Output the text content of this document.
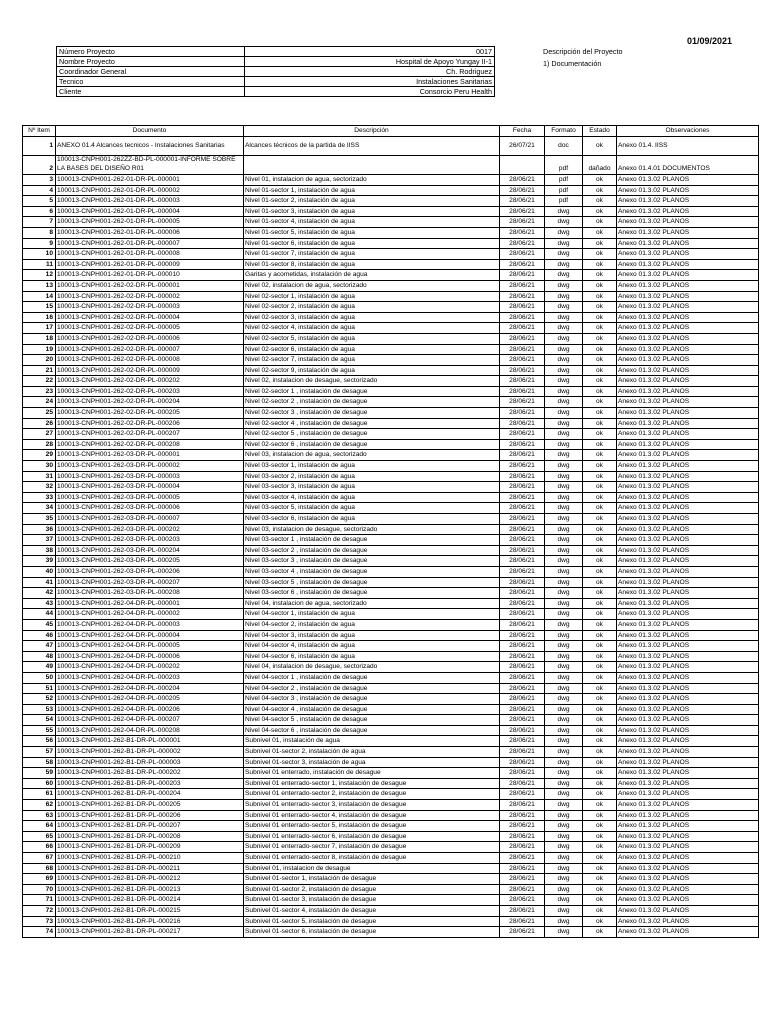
01/09/2021
Número Proyecto	0017
Nombre Proyecto	Hospital de Apoyo Yungay II-1
Coordinador General	Ch. Rodriguez
Tecnico	Instalaciones Sanitarias
Cliente	Consorcio Peru Health
Descripción del Proyecto
1) Documentación
Nº Item	Documento	Descripción	Fecha	Formato	Estado	Observaciones
1	ANEXO 01.4 Alcances tecnicos - Instalaciones Sanitarias	Alcances técnicos de la partida de IISS	26/07/21	doc	ok	Anexo 01.4. IISS
2	100013-CNPH001-262ZZ-BD-PL-000001-INFORME SOBRE LA BASES DEL DISEÑO R01			pdf	dañado	Anexo 01.4.01 DOCUMENTOS
3	100013-CNPH001-262-01-DR-PL-000001	Nivel 01, instalacion de agua, sectorizado	28/06/21	pdf	ok	Anexo 01.3.02 PLANOS
4	100013-CNPH001-262-01-DR-PL-000002	Nivel 01-sector 1, instalación de agua	28/06/21	pdf	ok	Anexo 01.3.02 PLANOS
5	100013-CNPH001-262-01-DR-PL-000003	Nivel 01-sector 2, instalación de agua	28/06/21	pdf	ok	Anexo 01.3.02 PLANOS
6	100013-CNPH001-262-01-DR-PL-000004	Nivel 01-sector 3, instalación de agua	28/06/21	dwg	ok	Anexo 01.3.02 PLANOS
7	100013-CNPH001-262-01-DR-PL-000005	Nivel 01-sector 4, instalación de agua	28/06/21	dwg	ok	Anexo 01.3.02 PLANOS
8	100013-CNPH001-262-01-DR-PL-000006	Nivel 01-sector 5, instalación de agua	28/06/21	dwg	ok	Anexo 01.3.02 PLANOS
9	100013-CNPH001-262-01-DR-PL-000007	Nivel 01-sector 6, instalación de agua	28/06/21	dwg	ok	Anexo 01.3.02 PLANOS
10	100013-CNPH001-262-01-DR-PL-000008	Nivel 01-sector 7, instalación de agua	28/06/21	dwg	ok	Anexo 01.3.02 PLANOS
11	100013-CNPH001-262-01-DR-PL-000009	Nivel 01-sector 8, instalación de agua	28/06/21	dwg	ok	Anexo 01.3.02 PLANOS
12	100013-CNPH001-262-01-DR-PL-000010	Garitas y acometidas, instalación de agua	28/06/21	dwg	ok	Anexo 01.3.02 PLANOS
13	100013-CNPH001-262-02-DR-PL-000001	Nivel 02, instalacion de agua, sectorizado	28/06/21	dwg	ok	Anexo 01.3.02 PLANOS
14	100013-CNPH001-262-02-DR-PL-000002	Nivel 02-sector 1, instalación de agua	28/06/21	dwg	ok	Anexo 01.3.02 PLANOS
15	100013-CNPH001-262-02-DR-PL-000003	Nivel 02-sector 2, instalación de agua	28/06/21	dwg	ok	Anexo 01.3.02 PLANOS
16	100013-CNPH001-262-02-DR-PL-000004	Nivel 02-sector 3, instalación de agua	28/06/21	dwg	ok	Anexo 01.3.02 PLANOS
17	100013-CNPH001-262-02-DR-PL-000005	Nivel 02-sector 4, instalación de agua	28/06/21	dwg	ok	Anexo 01.3.02 PLANOS
18	100013-CNPH001-262-02-DR-PL-000006	Nivel 02-sector 5, instalación de agua	28/06/21	dwg	ok	Anexo 01.3.02 PLANOS
19	100013-CNPH001-262-02-DR-PL-000007	Nivel 02-sector 6, instalación de agua	28/06/21	dwg	ok	Anexo 01.3.02 PLANOS
20	100013-CNPH001-262-02-DR-PL-000008	Nivel 02-sector 7, instalación de agua	28/06/21	dwg	ok	Anexo 01.3.02 PLANOS
21	100013-CNPH001-262-02-DR-PL-000009	Nivel 02-sector 9, instalación de agua	28/06/21	dwg	ok	Anexo 01.3.02 PLANOS
22	100013-CNPH001-262-02-DR-PL-000202	Nivel 02, instalacion de desague, sectorizado	28/06/21	dwg	ok	Anexo 01.3.02 PLANOS
23	100013-CNPH001-262-02-DR-PL-000203	Nivel 02-sector 1 , instalación de desague	28/06/21	dwg	ok	Anexo 01.3.02 PLANOS
24	100013-CNPH001-262-02-DR-PL-000204	Nivel 02-sector 2 , instalación de desague	28/06/21	dwg	ok	Anexo 01.3.02 PLANOS
25	100013-CNPH001-262-02-DR-PL-000205	Nivel 02-sector 3 , instalación de desague	28/06/21	dwg	ok	Anexo 01.3.02 PLANOS
26	100013-CNPH001-262-02-DR-PL-000206	Nivel 02-sector 4 , instalación de desague	28/06/21	dwg	ok	Anexo 01.3.02 PLANOS
27	100013-CNPH001-262-02-DR-PL-000207	Nivel 02-sector 5 , instalación de desague	28/06/21	dwg	ok	Anexo 01.3.02 PLANOS
28	100013-CNPH001-262-02-DR-PL-000208	Nivel 02-sector 6 , instalación de desague	28/06/21	dwg	ok	Anexo 01.3.02 PLANOS
29	100013-CNPH001-262-03-DR-PL-000001	Nivel 03, instalacion de agua, sectorizado	28/06/21	dwg	ok	Anexo 01.3.02 PLANOS
30	100013-CNPH001-262-03-DR-PL-000002	Nivel 03-sector 1, instalación de agua	28/06/21	dwg	ok	Anexo 01.3.02 PLANOS
31	100013-CNPH001-262-03-DR-PL-000003	Nivel 03-sector 2, instalación de agua	28/06/21	dwg	ok	Anexo 01.3.02 PLANOS
32	100013-CNPH001-262-03-DR-PL-000004	Nivel 03-sector 3, instalación de agua	28/06/21	dwg	ok	Anexo 01.3.02 PLANOS
33	100013-CNPH001-262-03-DR-PL-000005	Nivel 03-sector 4, instalación de agua	28/06/21	dwg	ok	Anexo 01.3.02 PLANOS
34	100013-CNPH001-262-03-DR-PL-000006	Nivel 03-sector 5, instalación de agua	28/06/21	dwg	ok	Anexo 01.3.02 PLANOS
35	100013-CNPH001-262-03-DR-PL-000007	Nivel 03-sector 6, instalación de agua	28/06/21	dwg	ok	Anexo 01.3.02 PLANOS
36	100013-CNPH001-262-03-DR-PL-000202	Nivel 03, instalacion de desague, sectorizado	28/06/21	dwg	ok	Anexo 01.3.02 PLANOS
37	100013-CNPH001-262-03-DR-PL-000203	Nivel 03-sector 1 , instalación de desague	28/06/21	dwg	ok	Anexo 01.3.02 PLANOS
38	100013-CNPH001-262-03-DR-PL-000204	Nivel 03-sector 2 , instalación de desague	28/06/21	dwg	ok	Anexo 01.3.02 PLANOS
39	100013-CNPH001-262-03-DR-PL-000205	Nivel 03-sector 3 , instalación de desague	28/06/21	dwg	ok	Anexo 01.3.02 PLANOS
40	100013-CNPH001-262-03-DR-PL-000206	Nivel 03-sector 4 , instalación de desague	28/06/21	dwg	ok	Anexo 01.3.02 PLANOS
41	100013-CNPH001-262-03-DR-PL-000207	Nivel 03-sector 5 , instalación de desague	28/06/21	dwg	ok	Anexo 01.3.02 PLANOS
42	100013-CNPH001-262-03-DR-PL-000208	Nivel 03-sector 6 , instalación de desague	28/06/21	dwg	ok	Anexo 01.3.02 PLANOS
43	100013-CNPH001-262-04-DR-PL-000001	Nivel 04, instalacion de agua, sectorizado	28/06/21	dwg	ok	Anexo 01.3.02 PLANOS
44	100013-CNPH001-262-04-DR-PL-000002	Nivel 04-sector 1, instalación de agua	28/06/21	dwg	ok	Anexo 01.3.02 PLANOS
45	100013-CNPH001-262-04-DR-PL-000003	Nivel 04-sector 2, instalación de agua	28/06/21	dwg	ok	Anexo 01.3.02 PLANOS
46	100013-CNPH001-262-04-DR-PL-000004	Nivel 04-sector 3, instalación de agua	28/06/21	dwg	ok	Anexo 01.3.02 PLANOS
47	100013-CNPH001-262-04-DR-PL-000005	Nivel 04-sector 4, instalación de agua	28/06/21	dwg	ok	Anexo 01.3.02 PLANOS
48	100013-CNPH001-262-04-DR-PL-000006	Nivel 04-sector 6, instalación de agua	28/06/21	dwg	ok	Anexo 01.3.02 PLANOS
49	100013-CNPH001-262-04-DR-PL-000202	Nivel 04, instalacion de desague, sectorizado	28/06/21	dwg	ok	Anexo 01.3.02 PLANOS
50	100013-CNPH001-262-04-DR-PL-000203	Nivel 04-sector 1 , instalación de desague	28/06/21	dwg	ok	Anexo 01.3.02 PLANOS
51	100013-CNPH001-262-04-DR-PL-000204	Nivel 04-sector 2 , instalación de desague	28/06/21	dwg	ok	Anexo 01.3.02 PLANOS
52	100013-CNPH001-262-04-DR-PL-000205	Nivel 04-sector 3 , instalación de desague	28/06/21	dwg	ok	Anexo 01.3.02 PLANOS
53	100013-CNPH001-262-04-DR-PL-000206	Nivel 04-sector 4 , instalación de desague	28/06/21	dwg	ok	Anexo 01.3.02 PLANOS
54	100013-CNPH001-262-04-DR-PL-000207	Nivel 04-sector 5 , instalación de desague	28/06/21	dwg	ok	Anexo 01.3.02 PLANOS
55	100013-CNPH001-262-04-DR-PL-000208	Nivel 04-sector 6 , instalación de desague	28/06/21	dwg	ok	Anexo 01.3.02 PLANOS
56	100013-CNPH001-262-B1-DR-PL-000001	Subnivel 01, instalación de agua	28/06/21	dwg	ok	Anexo 01.3.02 PLANOS
57	100013-CNPH001-262-B1-DR-PL-000002	Subnivel 01-sector 2, instalación de agua	28/06/21	dwg	ok	Anexo 01.3.02 PLANOS
58	100013-CNPH001-262-B1-DR-PL-000003	Subnivel 01-sector 3, instalación de agua	28/06/21	dwg	ok	Anexo 01.3.02 PLANOS
59	100013-CNPH001-262-B1-DR-PL-000202	Subnivel 01 enterrado, instalación de desague	28/06/21	dwg	ok	Anexo 01.3.02 PLANOS
60	100013-CNPH001-262-B1-DR-PL-000203	Subnivel 01 enterrado-sector 1, instalación de desague	28/06/21	dwg	ok	Anexo 01.3.02 PLANOS
61	100013-CNPH001-262-B1-DR-PL-000204	Subnivel 01 enterrado-sector 2, instalación de desague	28/06/21	dwg	ok	Anexo 01.3.02 PLANOS
62	100013-CNPH001-262-B1-DR-PL-000205	Subnivel 01 enterrado-sector 3, instalación de desague	28/06/21	dwg	ok	Anexo 01.3.02 PLANOS
63	100013-CNPH001-262-B1-DR-PL-000206	Subnivel 01 enterrado-sector 4, instalación de desague	28/06/21	dwg	ok	Anexo 01.3.02 PLANOS
64	100013-CNPH001-262-B1-DR-PL-000207	Subnivel 01 enterrado-sector 5, instalación de desague	28/06/21	dwg	ok	Anexo 01.3.02 PLANOS
65	100013-CNPH001-262-B1-DR-PL-000208	Subnivel 01 enterrado-sector 6, instalación de desague	28/06/21	dwg	ok	Anexo 01.3.02 PLANOS
66	100013-CNPH001-262-B1-DR-PL-000209	Subnivel 01 enterrado-sector 7, instalación de desague	28/06/21	dwg	ok	Anexo 01.3.02 PLANOS
67	100013-CNPH001-262-B1-DR-PL-000210	Subnivel 01 enterrado-sector 8, instalación de desague	28/06/21	dwg	ok	Anexo 01.3.02 PLANOS
68	100013-CNPH001-262-B1-DR-PL-000211	Subnivel 01, instalacion de desague	28/06/21	dwg	ok	Anexo 01.3.02 PLANOS
69	100013-CNPH001-262-B1-DR-PL-000212	Subnivel 01-sector 1, instalación de desague	28/06/21	dwg	ok	Anexo 01.3.02 PLANOS
70	100013-CNPH001-262-B1-DR-PL-000213	Subnivel 01-sector 2, instalación de desague	28/06/21	dwg	ok	Anexo 01.3.02 PLANOS
71	100013-CNPH001-262-B1-DR-PL-000214	Subnivel 01-sector 3, instalación de desague	28/06/21	dwg	ok	Anexo 01.3.02 PLANOS
72	100013-CNPH001-262-B1-DR-PL-000215	Subnivel 01-sector 4, instalación de desague	28/06/21	dwg	ok	Anexo 01.3.02 PLANOS
73	100013-CNPH001-262-B1-DR-PL-000216	Subnivel 01-sector 5, instalación de desague	28/06/21	dwg	ok	Anexo 01.3.02 PLANOS
74	100013-CNPH001-262-B1-DR-PL-000217	Subnivel 01-sector 6, instalación de desague	28/06/21	dwg	ok	Anexo 01.3.02 PLANOS
